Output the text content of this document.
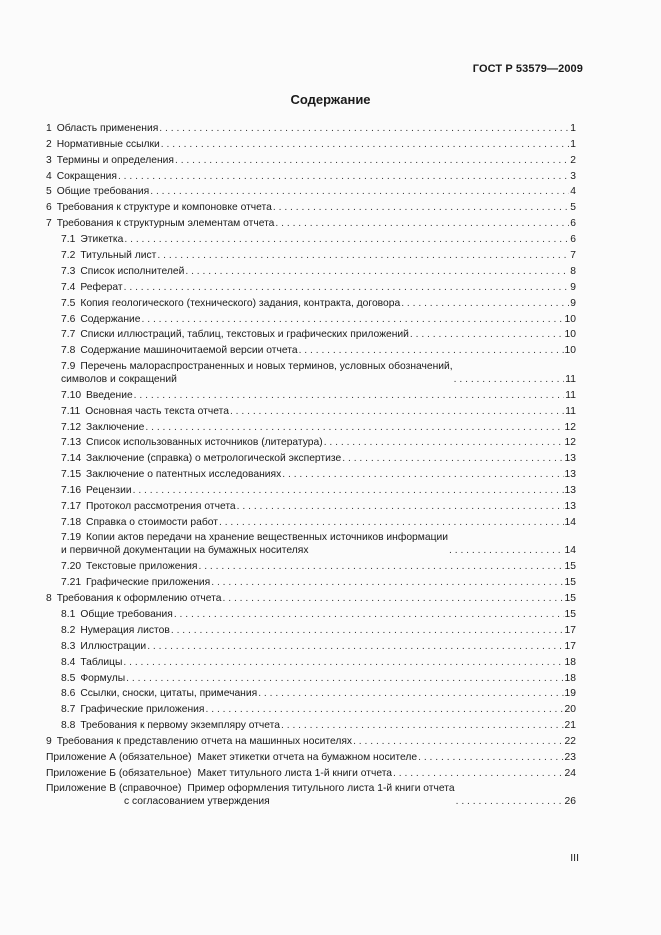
ГОСТ Р 53579—2009
Содержание
1 Область применения . . .	1
2 Нормативные ссылки . . .	1
3 Термины и определения . . .	2
4 Сокращения . . .	3
5 Общие требования . . .	4
6 Требования к структуре и компоновке отчета . . .	5
7 Требования к структурным элементам отчета . . .	6
7.1 Этикетка . . .	6
7.2 Титульный лист . . .	7
7.3 Список исполнителей . . .	8
7.4 Реферат . . .	9
7.5 Копия геологического (технического) задания, контракта, договора . . .	9
7.6 Содержание . . .	10
7.7 Списки иллюстраций, таблиц, текстовых и графических приложений . . .	10
7.8 Содержание машиночитаемой версии отчета . . .	10
7.9 Перечень малораспространенных и новых терминов, условных обозначений,
символов и сокращений . . .	11
7.10 Введение . . .	11
7.11 Основная часть текста отчета . . .	11
7.12 Заключение . . .	12
7.13 Список использованных источников (литература) . . .	12
7.14 Заключение (справка) о метрологической экспертизе . . .	13
7.15 Заключение о патентных исследованиях . . .	13
7.16 Рецензии . . .	13
7.17 Протокол рассмотрения отчета . . .	13
7.18 Справка о стоимости работ . . .	14
7.19 Копии актов передачи на хранение вещественных источников информации
и первичной документации на бумажных носителях . . .	14
7.20 Текстовые приложения . . .	15
7.21 Графические приложения . . .	15
8 Требования к оформлению отчета . . .	15
8.1 Общие требования . . .	15
8.2 Нумерация листов . . .	17
8.3 Иллюстрации . . .	17
8.4 Таблицы . . .	18
8.5 Формулы . . .	18
8.6 Ссылки, сноски, цитаты, примечания . . .	19
8.7 Графические приложения . . .	20
8.8 Требования к первому экземпляру отчета . . .	21
9 Требования к представлению отчета на машинных носителях . . .	22
Приложение А (обязательное) Макет этикетки отчета на бумажном носителе . . .	23
Приложение Б (обязательное) Макет титульного листа 1-й книги отчета . . .	24
Приложение В (справочное) Пример оформления титульного листа 1-й книги отчета
с согласованием утверждения . . .	26
III
